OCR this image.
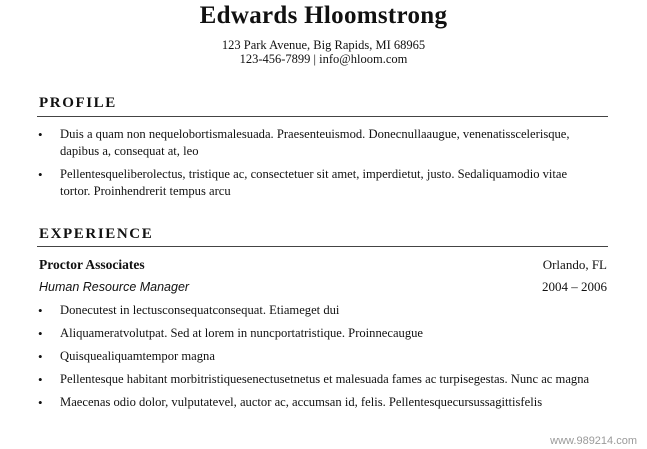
Edwards Hloomstrong
123 Park Avenue, Big Rapids, MI 68965
123-456-7899 | info@hloom.com
PROFILE
• Duis a quam non nequelobortismalesuada. Praesenteuismod. Donecnullaaugue, venenatisscelerisque, dapibus a, consequat at, leo
• Pellentesqueliberolectus, tristique ac, consectetuer sit amet, imperdietut, justo. Sedaliquamodio vitae tortor. Proinhendrerit tempus arcu
EXPERIENCE
Proctor Associates	Orlando, FL
Human Resource Manager	2004 – 2006
• Donecutest in lectusconsequatconsequat. Etiameget dui
• Aliquameratvolutpat. Sed at lorem in nuncportatristique. Proinnecaugue
• Quisquealiquamtempor magna
• Pellentesque habitant morbitristiquesenectusetnetus et malesuada fames ac turpisegestas. Nunc ac magna
• Maecenas odio dolor, vulputatevel, auctor ac, accumsan id, felis. Pellentesquecursussagittisfelis
www.989214.com
